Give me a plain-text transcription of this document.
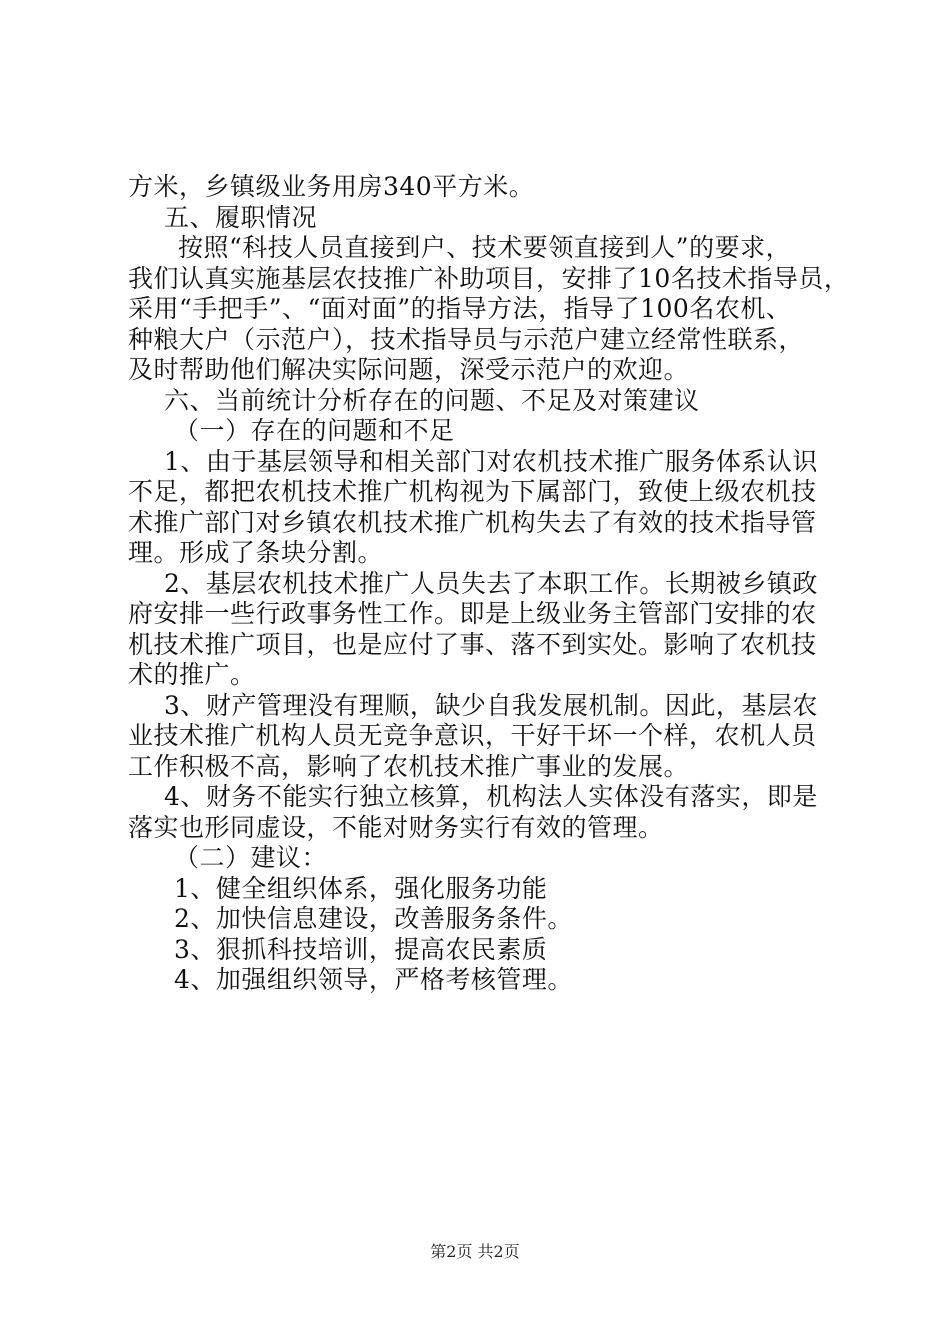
方米，乡镇级业务用房340平方米。
五、履职情况
按照“科技人员直接到户、技术要领直接到人”的要求，
我们认真实施基层农技推广补助项目，安排了10名技术指导员，
采用“手把手”、“面对面”的指导方法，指导了100名农机、
种粮大户（示范户），技术指导员与示范户建立经常性联系，
及时帮助他们解决实际问题，深受示范户的欢迎。
六、当前统计分析存在的问题、不足及对策建议
（一）存在的问题和不足
1、由于基层领导和相关部门对农机技术推广服务体系认识
不足，都把农机技术推广机构视为下属部门，致使上级农机技
术推广部门对乡镇农机技术推广机构失去了有效的技术指导管
理。形成了条块分割。
2、基层农机技术推广人员失去了本职工作。长期被乡镇政
府安排一些行政事务性工作。即是上级业务主管部门安排的农
机技术推广项目，也是应付了事、落不到实处。影响了农机技
术的推广。
3、财产管理没有理顺，缺少自我发展机制。因此，基层农
业技术推广机构人员无竞争意识，干好干坏一个样，农机人员
工作积极不高，影响了农机技术推广事业的发展。
4、财务不能实行独立核算，机构法人实体没有落实，即是
落实也形同虚设，不能对财务实行有效的管理。
（二）建议：
1、健全组织体系，强化服务功能
2、加快信息建设，改善服务条件。
3、狠抓科技培训，提高农民素质
4、加强组织领导，严格考核管理。
第2页 共2页
